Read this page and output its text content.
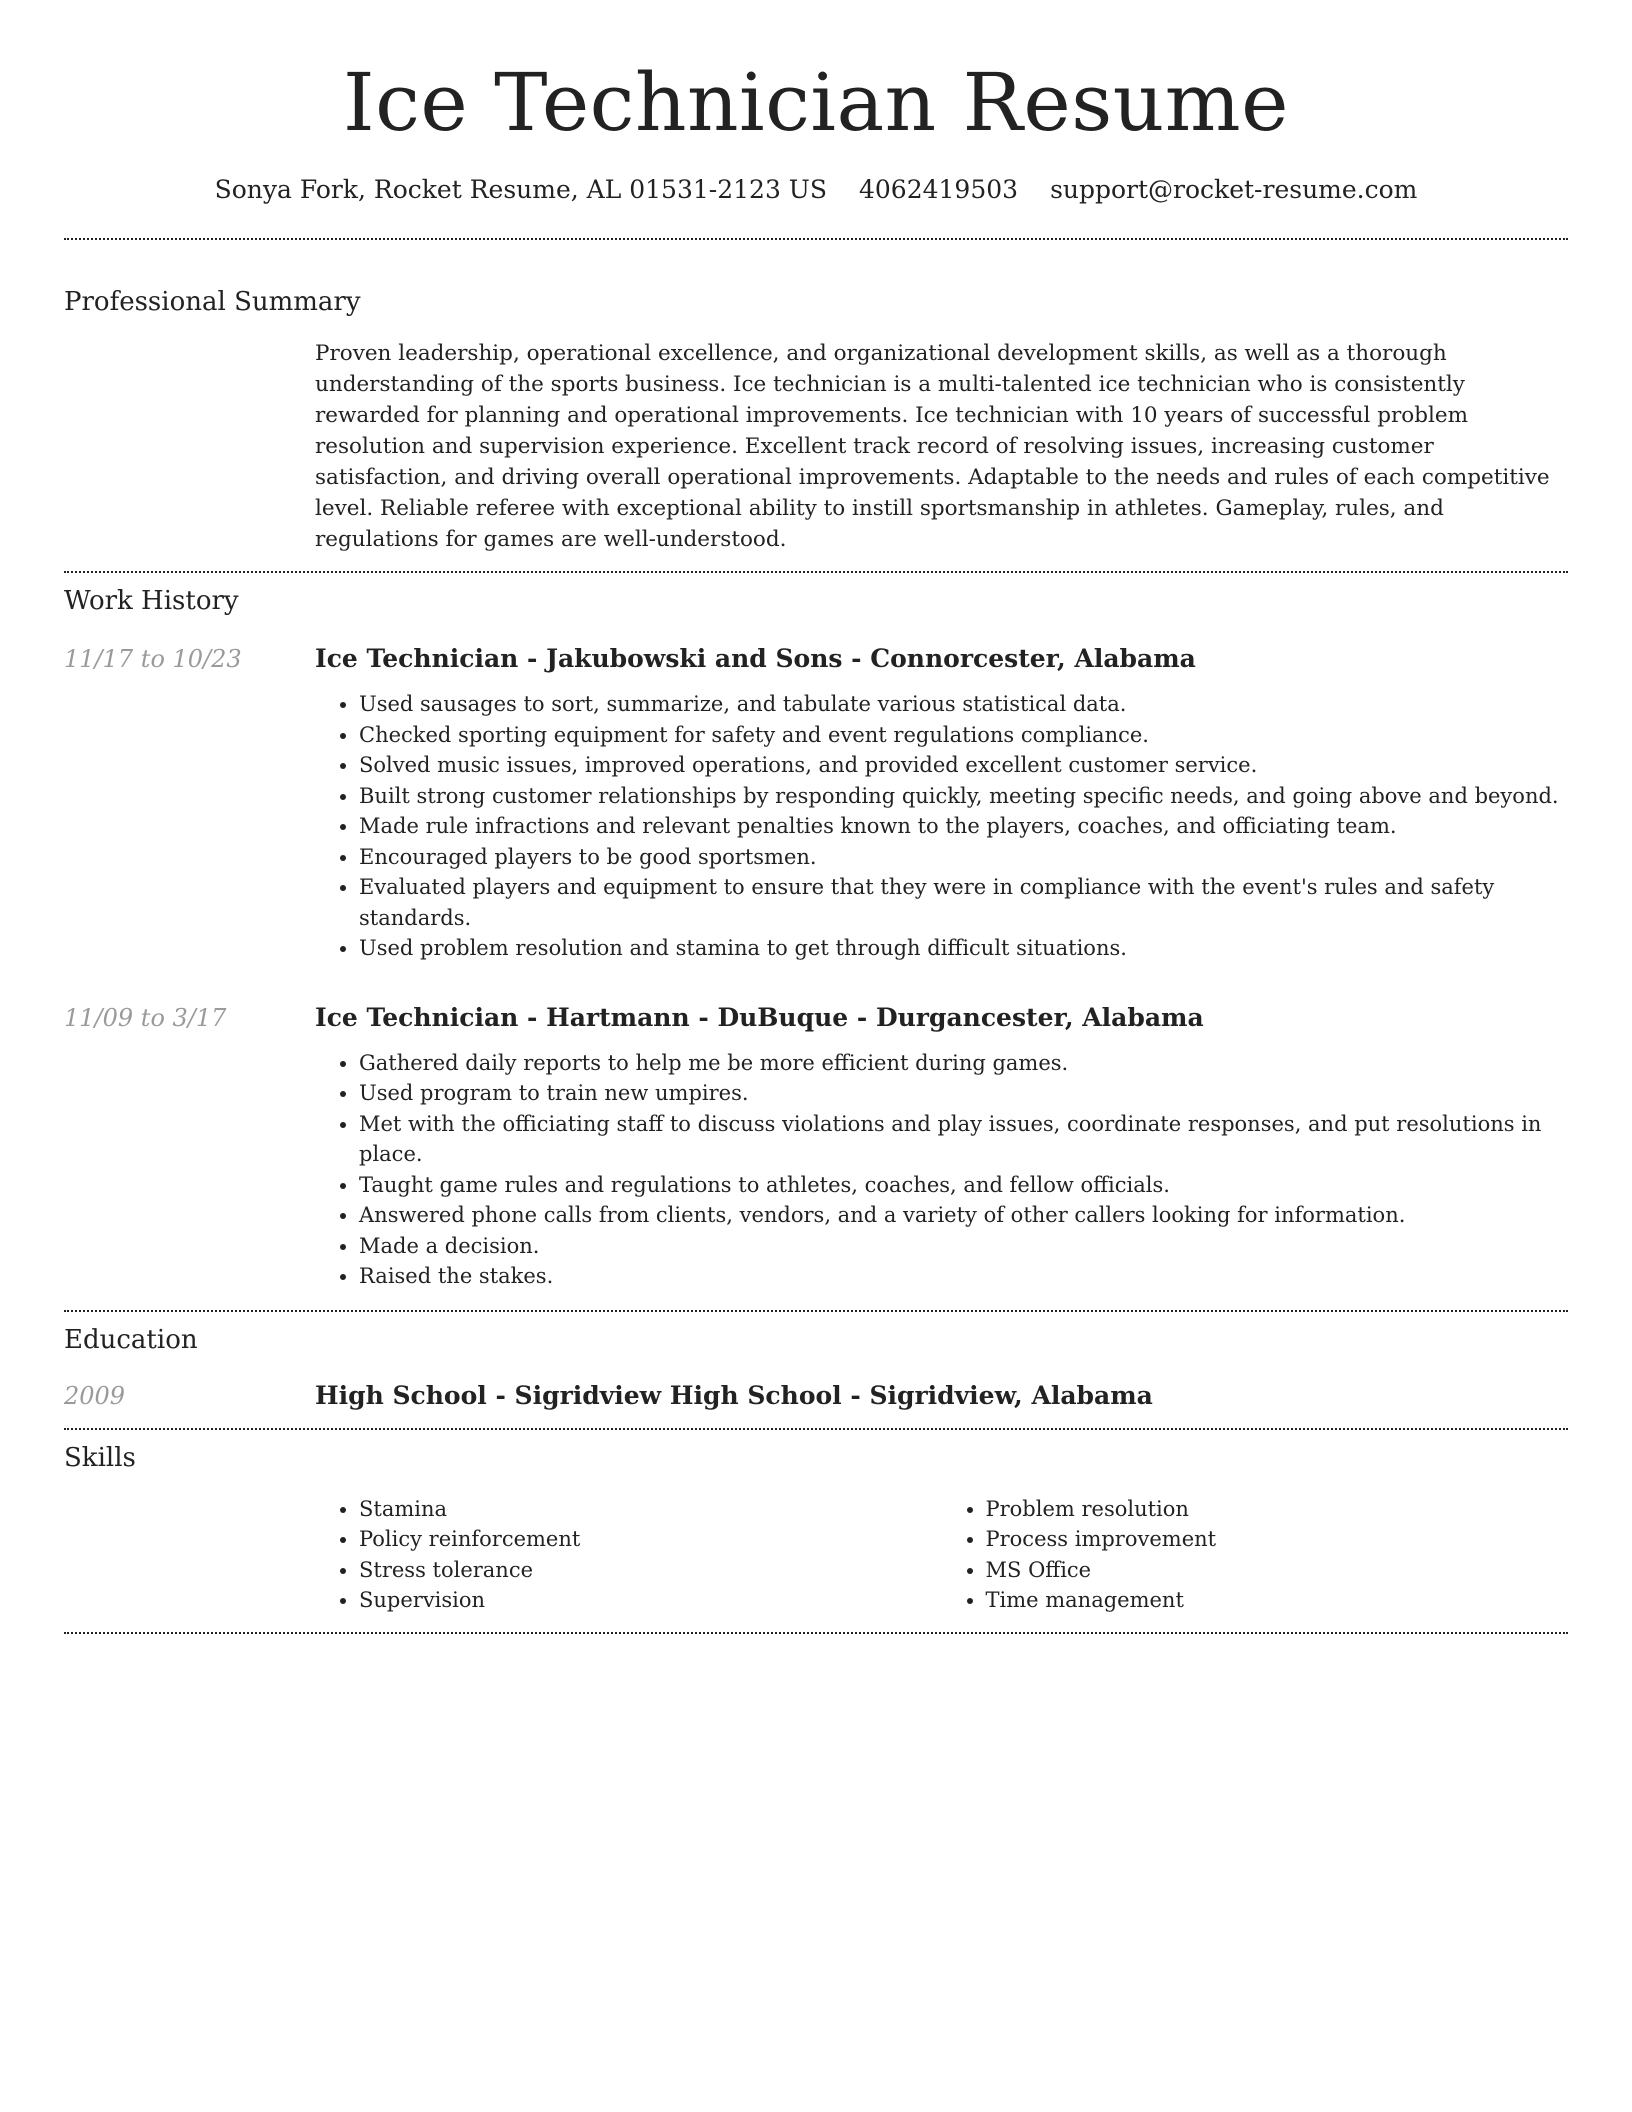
Ice Technician Resume
Sonya Fork, Rocket Resume, AL 01531-2123 US 4062419503 support@rocket-resume.com
Professional Summary

Proven leadership, operational excellence, and organizational development skills, as well as a thorough understanding of the sports business. Ice technician is a multi-talented ice technician who is consistently rewarded for planning and operational improvements. Ice technician with 10 years of successful problem resolution and supervision experience. Excellent track record of resolving issues, increasing customer satisfaction, and driving overall operational improvements. Adaptable to the needs and rules of each competitive level. Reliable referee with exceptional ability to instill sportsmanship in athletes. Gameplay, rules, and regulations for games are well-understood.

Work History
11/17 to 10/23	Ice Technician - Jakubowski and Sons - Connorcester, Alabama
• Used sausages to sort, summarize, and tabulate various statistical data.
• Checked sporting equipment for safety and event regulations compliance.
• Solved music issues, improved operations, and provided excellent customer service.
• Built strong customer relationships by responding quickly, meeting specific needs, and going above and beyond.
• Made rule infractions and relevant penalties known to the players, coaches, and officiating team.
• Encouraged players to be good sportsmen.
• Evaluated players and equipment to ensure that they were in compliance with the event's rules and safety standards.
• Used problem resolution and stamina to get through difficult situations.
11/09 to 3/17	Ice Technician - Hartmann - DuBuque - Durgancester, Alabama
• Gathered daily reports to help me be more efficient during games.
• Used program to train new umpires.
• Met with the officiating staff to discuss violations and play issues, coordinate responses, and put resolutions in place.
• Taught game rules and regulations to athletes, coaches, and fellow officials.
• Answered phone calls from clients, vendors, and a variety of other callers looking for information.
• Made a decision.
• Raised the stakes.
Education
2009	High School - Sigridview High School - Sigridview, Alabama
Skills
• Stamina
• Policy reinforcement
• Stress tolerance
• Supervision
• Problem resolution
• Process improvement
• MS Office
• Time management
